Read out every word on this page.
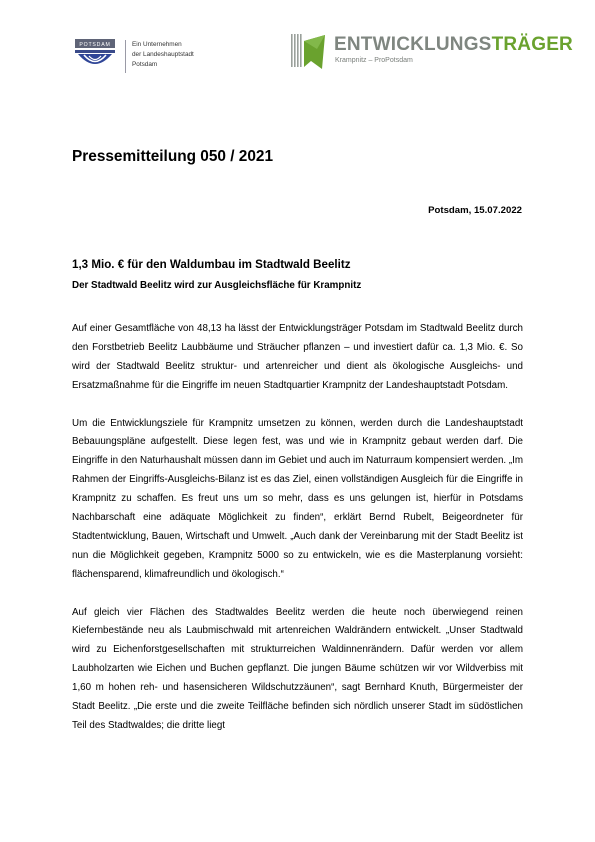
POTSDAM	Ein Unternehmen
der Landeshauptstadt
Potsdam
ENTWICKLUNGSTRÄGER
Krampnitz – ProPotsdam
Pressemitteilung 050 / 2021
Potsdam, 15.07.2022
1,3 Mio. € für den Waldumbau im Stadtwald Beelitz
Der Stadtwald Beelitz wird zur Ausgleichsfläche für Krampnitz

Auf einer Gesamtfläche von 48,13 ha lässt der Entwicklungsträger Potsdam im Stadtwald Beelitz durch den Forstbetrieb Beelitz Laubbäume und Sträucher pflanzen – und investiert dafür ca. 1,3 Mio. €. So wird der Stadtwald Beelitz struktur- und artenreicher und dient als ökologische Ausgleichs- und Ersatzmaßnahme für die Eingriffe im neuen Stadtquartier Krampnitz der Landeshauptstadt Potsdam.

Um die Entwicklungsziele für Krampnitz umsetzen zu können, werden durch die Landeshauptstadt Bebauungspläne aufgestellt. Diese legen fest, was und wie in Krampnitz gebaut werden darf. Die Eingriffe in den Naturhaushalt müssen dann im Gebiet und auch im Naturraum kompensiert werden. „Im Rahmen der Eingriffs-Ausgleichs-Bilanz ist es das Ziel, einen vollständigen Ausgleich für die Eingriffe in Krampnitz zu schaffen. Es freut uns um so mehr, dass es uns gelungen ist, hierfür in Potsdams Nachbarschaft eine adäquate Möglichkeit zu finden“, erklärt Bernd Rubelt, Beigeordneter für Stadtentwicklung, Bauen, Wirtschaft und Umwelt. „Auch dank der Vereinbarung mit der Stadt Beelitz ist nun die Möglichkeit gegeben, Krampnitz 5000 so zu entwickeln, wie es die Masterplanung vorsieht: flächensparend, klimafreundlich und ökologisch.“

Auf gleich vier Flächen des Stadtwaldes Beelitz werden die heute noch überwiegend reinen Kiefernbestände neu als Laubmischwald mit artenreichen Waldrändern entwickelt. „Unser Stadtwald wird zu Eichenforstgesellschaften mit strukturreichen Waldinnenrändern. Dafür werden vor allem Laubholzarten wie Eichen und Buchen gepflanzt. Die jungen Bäume schützen wir vor Wildverbiss mit 1,60 m hohen reh- und hasensicheren Wildschutzzäunen“, sagt Bernhard Knuth, Bürgermeister der Stadt Beelitz. „Die erste und die zweite Teilfläche befinden sich nördlich unserer Stadt im südöstlichen Teil des Stadtwaldes; die dritte liegt
